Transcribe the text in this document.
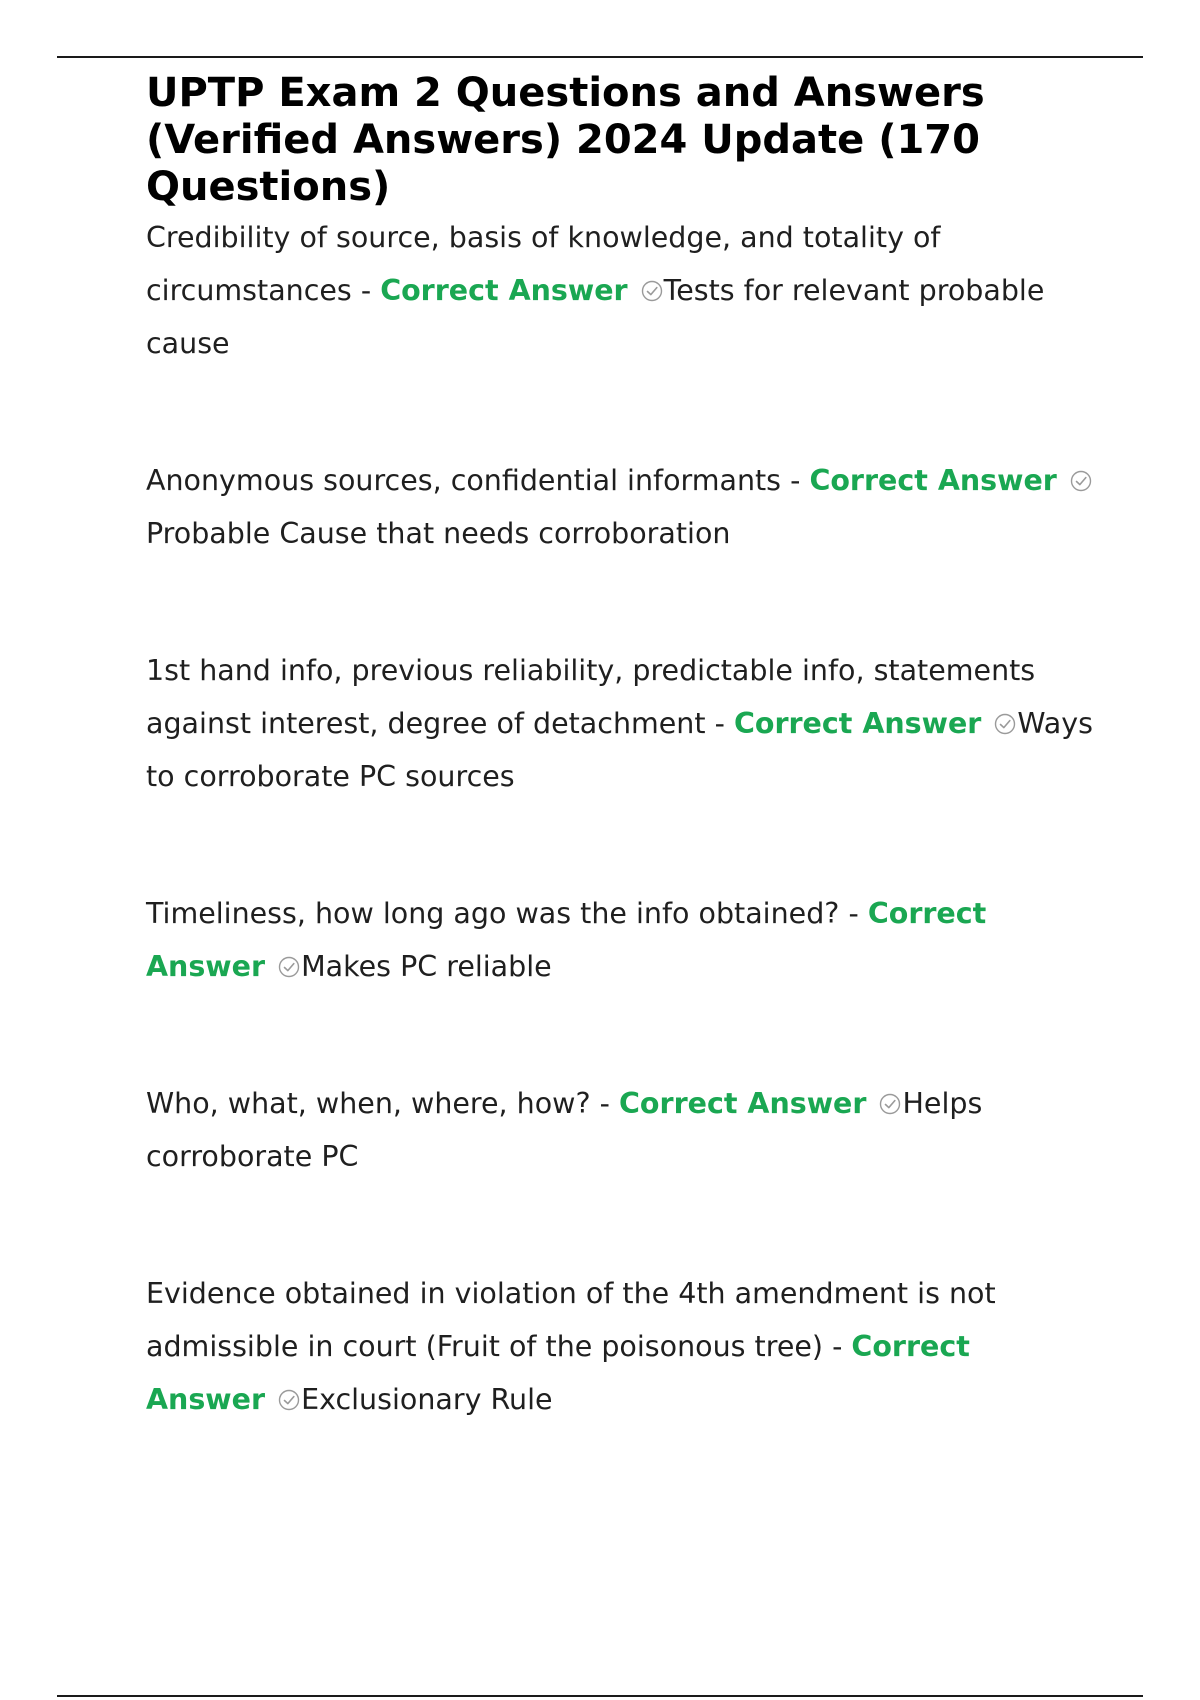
UPTP Exam 2 Questions and Answers (Verified Answers) 2024 Update (170 Questions)

Credibility of source, basis of knowledge, and totality of circumstances - Correct Answer Tests for relevant probable cause

Anonymous sources, confidential informants - Correct Answer
Probable Cause that needs corroboration

1st hand info, previous reliability, predictable info, statements against interest, degree of detachment - Correct Answer Ways to corroborate PC sources

Timeliness, how long ago was the info obtained? - Correct Answer Makes PC reliable

Who, what, when, where, how? - Correct Answer Helps corroborate PC

Evidence obtained in violation of the 4th amendment is not admissible in court (Fruit of the poisonous tree) - Correct Answer Exclusionary Rule
